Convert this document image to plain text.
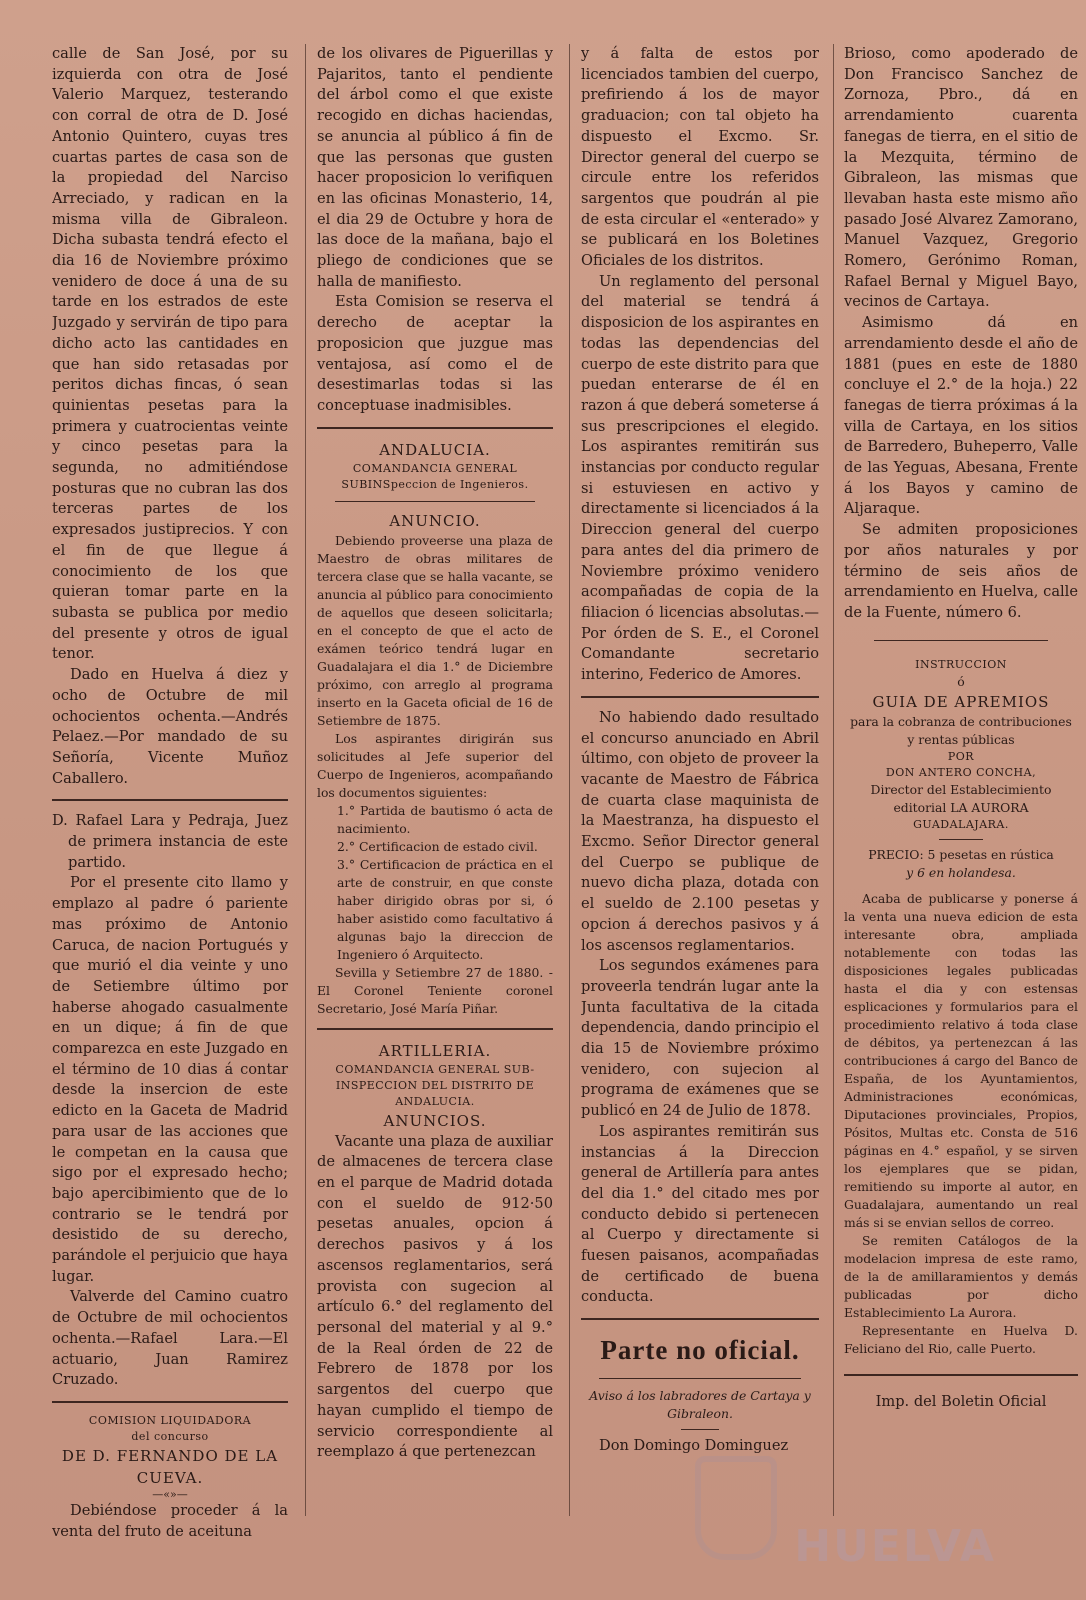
calle de San José, por su izquierda con otra de José Valerio Marquez, testerando con corral de otra de D. José Antonio Quintero, cuyas tres cuartas partes de casa son de la propiedad del Narciso Arreciado, y radican en la misma villa de Gibraleon. Dicha subasta tendrá efecto el dia 16 de Noviembre próximo venidero de doce á una de su tarde en los estrados de este Juzgado y servirán de tipo para dicho acto las cantidades en que han sido retasadas por peritos dichas fincas, ó sean quinientas pesetas para la primera y cuatrocientas veinte y cinco pesetas para la segunda, no admitiéndose posturas que no cubran las dos terceras partes de los expresados justiprecios. Y con el fin de que llegue á conocimiento de los que quieran tomar parte en la subasta se publica por medio del presente y otros de igual tenor.

Dado en Huelva á diez y ocho de Octubre de mil ochocientos ochenta.—Andrés Pelaez.—Por mandado de su Señoría, Vicente Muñoz Caballero.

D. Rafael Lara y Pedraja, Juez de primera instancia de este partido.

Por el presente cito llamo y emplazo al padre ó pariente mas próximo de Antonio Caruca, de nacion Portugués y que murió el dia veinte y uno de Setiembre último por haberse ahogado casualmente en un dique; á fin de que comparezca en este Juzgado en el término de 10 dias á contar desde la insercion de este edicto en la Gaceta de Madrid para usar de las acciones que le competan en la causa que sigo por el expresado hecho; bajo apercibimiento que de lo contrario se le tendrá por desistido de su derecho, parándole el perjuicio que haya lugar.

Valverde del Camino cuatro de Octubre de mil ochocientos ochenta.—Rafael Lara.—El actuario, Juan Ramirez Cruzado.

COMISION LIQUIDADORA

del concurso

DE D. FERNANDO DE LA CUEVA.

—«»—

Debiéndose proceder á la venta del fruto de aceituna

de los olivares de Piguerillas y Pajaritos, tanto el pendiente del árbol como el que existe recogido en dichas haciendas, se anuncia al público á fin de que las personas que gusten hacer proposicion lo verifiquen en las oficinas Monasterio, 14, el dia 29 de Octubre y hora de las doce de la mañana, bajo el pliego de condiciones que se halla de manifiesto.

Esta Comision se reserva el derecho de aceptar la proposicion que juzgue mas ventajosa, así como el de desestimarlas todas si las conceptuase inadmisibles.

ANDALUCIA.

COMANDANCIA GENERAL SUBINSpeccion de Ingenieros.

ANUNCIO.

Debiendo proveerse una plaza de Maestro de obras militares de tercera clase que se halla vacante, se anuncia al público para conocimiento de aquellos que deseen solicitarla; en el concepto de que el acto de exámen teórico tendrá lugar en Guadalajara el dia 1.° de Diciembre próximo, con arreglo al programa inserto en la Gaceta oficial de 16 de Setiembre de 1875.

Los aspirantes dirigirán sus solicitudes al Jefe superior del Cuerpo de Ingenieros, acompañando los documentos siguientes:

1.° Partida de bautismo ó acta de nacimiento.

2.° Certificacion de estado civil.

3.° Certificacion de práctica en el arte de construir, en que conste haber dirigido obras por si, ó haber asistido como facultativo á algunas bajo la direccion de Ingeniero ó Arquitecto.

Sevilla y Setiembre 27 de 1880. - El Coronel Teniente coronel Secretario, José María Piñar.

ARTILLERIA.

COMANDANCIA GENERAL SUB-INSPECCION DEL DISTRITO DE ANDALUCIA.

ANUNCIOS.

Vacante una plaza de auxiliar de almacenes de tercera clase en el parque de Madrid dotada con el sueldo de 912·50 pesetas anuales, opcion á derechos pasivos y á los ascensos reglamentarios, será provista con sugecion al artículo 6.° del reglamento del personal del material y al 9.° de la Real órden de 22 de Febrero de 1878 por los sargentos del cuerpo que hayan cumplido el tiempo de servicio correspondiente al reemplazo á que pertenezcan

y á falta de estos por licenciados tambien del cuerpo, prefiriendo á los de mayor graduacion; con tal objeto ha dispuesto el Excmo. Sr. Director general del cuerpo se circule entre los referidos sargentos que poudrán al pie de esta circular el «enterado» y se publicará en los Boletines Oficiales de los distritos.

Un reglamento del personal del material se tendrá á disposicion de los aspirantes en todas las dependencias del cuerpo de este distrito para que puedan enterarse de él en razon á que deberá someterse á sus prescripciones el elegido. Los aspirantes remitirán sus instancias por conducto regular si estuviesen en activo y directamente si licenciados á la Direccion general del cuerpo para antes del dia primero de Noviembre próximo venidero acompañadas de copia de la filiacion ó licencias absolutas.—Por órden de S. E., el Coronel Comandante secretario interino, Federico de Amores.

No habiendo dado resultado el concurso anunciado en Abril último, con objeto de proveer la vacante de Maestro de Fábrica de cuarta clase maquinista de la Maestranza, ha dispuesto el Excmo. Señor Director general del Cuerpo se publique de nuevo dicha plaza, dotada con el sueldo de 2.100 pesetas y opcion á derechos pasivos y á los ascensos reglamentarios.

Los segundos exámenes para proveerla tendrán lugar ante la Junta facultativa de la citada dependencia, dando principio el dia 15 de Noviembre próximo venidero, con sujecion al programa de exámenes que se publicó en 24 de Julio de 1878.

Los aspirantes remitirán sus instancias á la Direccion general de Artillería para antes del dia 1.° del citado mes por conducto debido si pertenecen al Cuerpo y directamente si fuesen paisanos, acompañadas de certificado de buena conducta.

Parte no oficial.

Aviso á los labradores de Cartaya y Gibraleon.

Don Domingo Dominguez

Brioso, como apoderado de Don Francisco Sanchez de Zornoza, Pbro., dá en arrendamiento cuarenta fanegas de tierra, en el sitio de la Mezquita, término de Gibraleon, las mismas que llevaban hasta este mismo año pasado José Alvarez Zamorano, Manuel Vazquez, Gregorio Romero, Gerónimo Roman, Rafael Bernal y Miguel Bayo, vecinos de Cartaya.

Asimismo dá en arrendamiento desde el año de 1881 (pues en este de 1880 concluye el 2.° de la hoja.) 22 fanegas de tierra próximas á la villa de Cartaya, en los sitios de Barredero, Buheperro, Valle de las Yeguas, Abesana, Frente á los Bayos y camino de Aljaraque.

Se admiten proposiciones por años naturales y por término de seis años de arrendamiento en Huelva, calle de la Fuente, número 6.

INSTRUCCION

ó

GUIA DE APREMIOS

para la cobranza de contribuciones

y rentas públicas

POR

DON ANTERO CONCHA,

Director del Establecimiento editorial LA AURORA

GUADALAJARA.

PRECIO: 5 pesetas en rústica

y 6 en holandesa.

Acaba de publicarse y ponerse á la venta una nueva edicion de esta interesante obra, ampliada notablemente con todas las disposiciones legales publicadas hasta el dia y con estensas esplicaciones y formularios para el procedimiento relativo á toda clase de débitos, ya pertenezcan á las contribuciones á cargo del Banco de España, de los Ayuntamientos, Administraciones económicas, Diputaciones provinciales, Propios, Pósitos, Multas etc. Consta de 516 páginas en 4.° español, y se sirven los ejemplares que se pidan, remitiendo su importe al autor, en Guadalajara, aumentando un real más si se envian sellos de correo.

Se remiten Catálogos de la modelacion impresa de este ramo, de la de amillaramientos y demás publicadas por dicho Establecimiento La Aurora.

Representante en Huelva D. Feliciano del Rio, calle Puerto.

Imp. del Boletin Oficial

HUELVA
